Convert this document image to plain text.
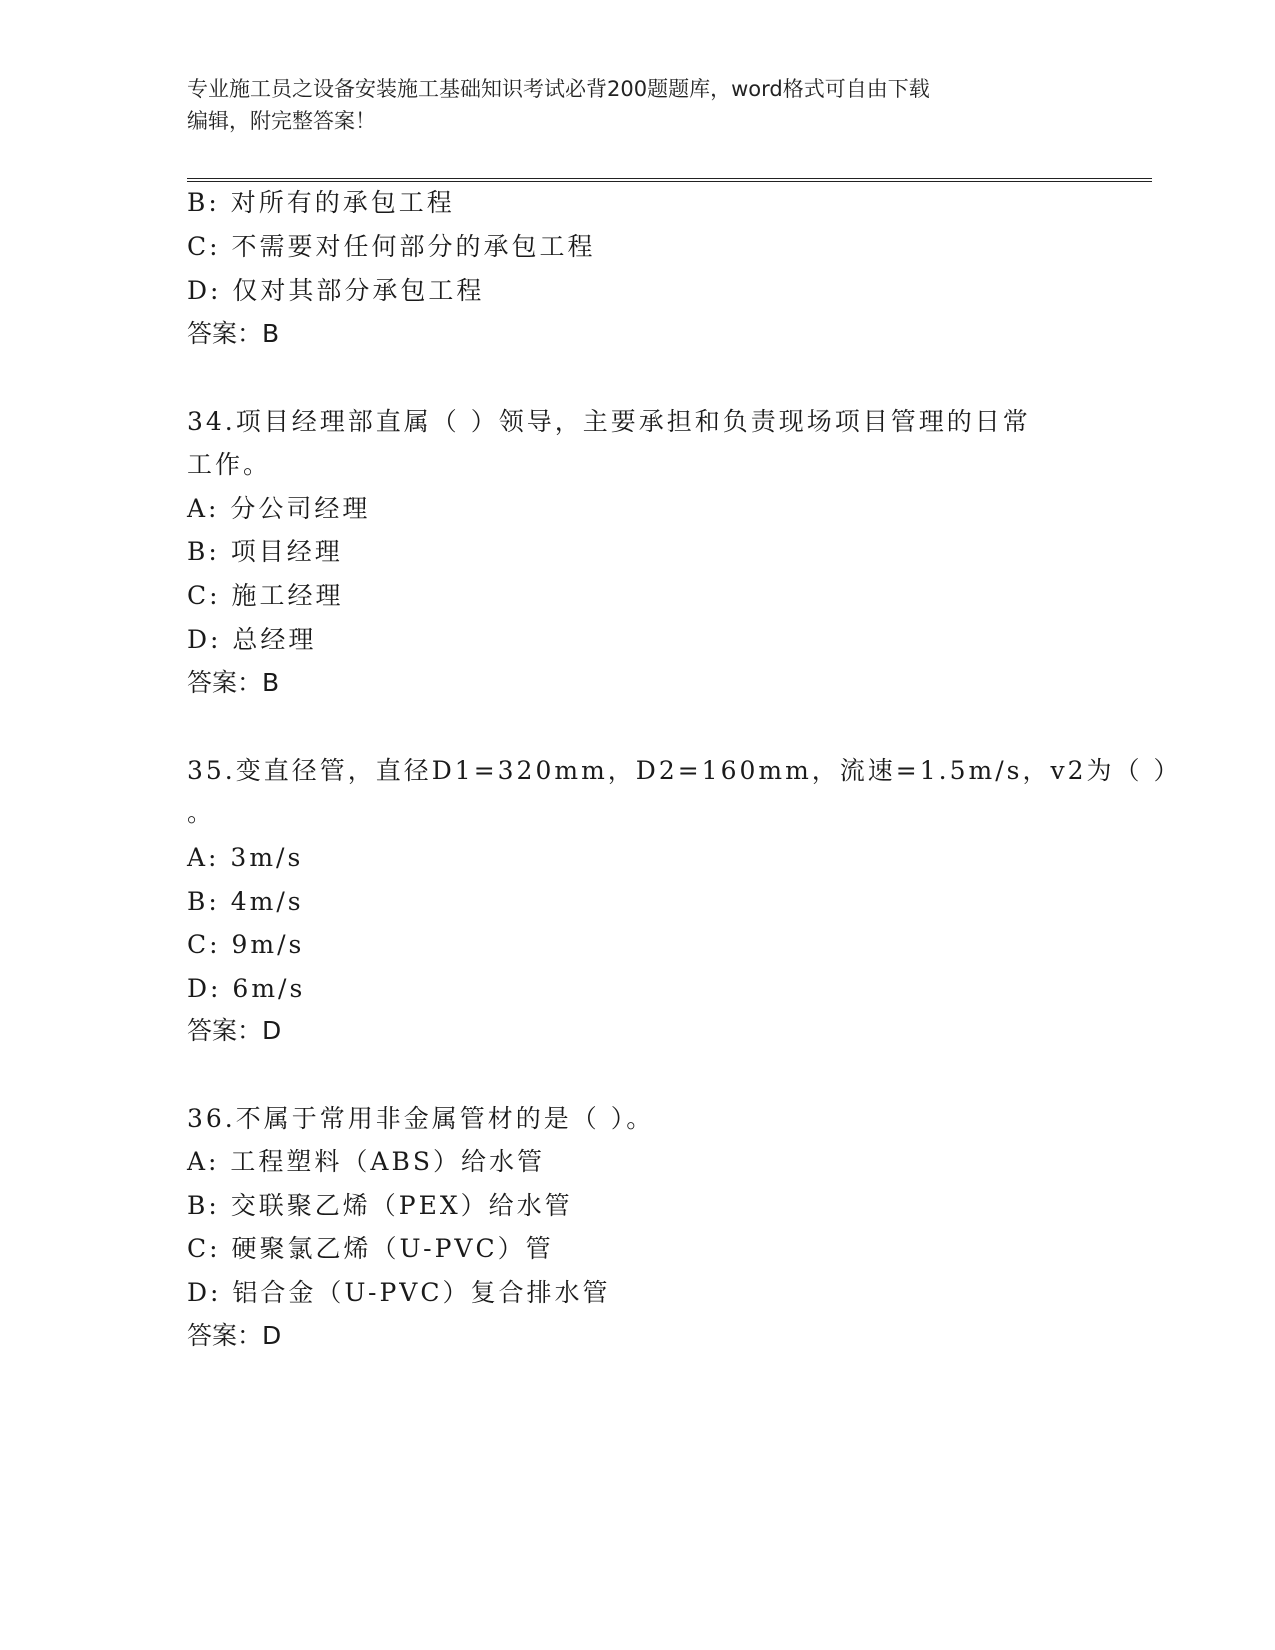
专业施工员之设备安装施工基础知识考试必背200题题库，word格式可自由下载
编辑，附完整答案！
B: 对所有的承包工程
C: 不需要对任何部分的承包工程
D: 仅对其部分承包工程
答案：B
34.项目经理部直属（ ）领导，主要承担和负责现场项目管理的日常
工作。
A: 分公司经理
B: 项目经理
C: 施工经理
D: 总经理
答案：B
35.变直径管，直径D1=320mm，D2=160mm，流速=1.5m/s，v2为（ ）
。
A: 3m/s
B: 4m/s
C: 9m/s
D: 6m/s
答案：D
36.不属于常用非金属管材的是（ ）。
A: 工程塑料（ABS）给水管
B: 交联聚乙烯（PEX）给水管
C: 硬聚氯乙烯（U-PVC）管
D: 铝合金（U-PVC）复合排水管
答案：D
